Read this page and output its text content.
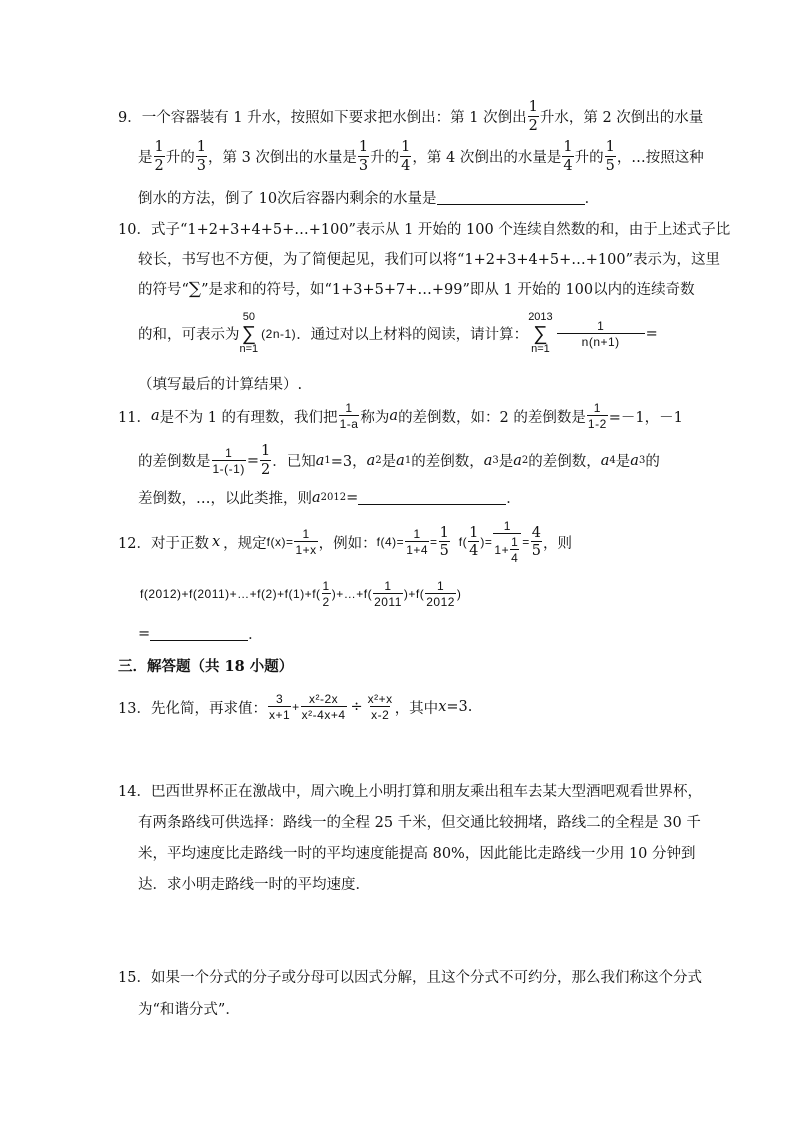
9．一个容器装有 1 升水，按照如下要求把水倒出：第 1 次倒出
1
2 升水，第 2 次倒出的水量
是
1
2 升的
1
3 ，第 3 次倒出的水量是
1
3 升的
1
4 ，第 4 次倒出的水量是
1
4 升的
1
5 ，…按照这种
倒水的方法，倒了 10次后容器内剩余的水量是	．
10．式子“1+2+3+4+5+…+100”表示从 1 开始的 100 个连续自然数的和，由于上述式子比
较长，书写也不方便，为了简便起见，我们可以将“1+2+3+4+5+…+100”表示为，这里
的符号“ ∑ ”是求和的符号，如“1+3+5+7+…+99”即从 1 开始的 100以内的连续奇数
的和，可表示为
50
∑
n=1
(2n-1) ．通过对以上材料的阅读，请计算：
2013
∑
n=1
$\frac{1}{n(n+1)}$ =
（填写最后的计算结果）.
11． a 是不为 1 的有理数，我们把
1
1-a 称为 a 的差倒数，如：2 的差倒数是 $\frac{1}{1-2} =-1$，－1
的差倒数是 $\frac{1}{1-(-1)} = \frac{1}{2}$ ．已知 a 1 =3， a 2 是 a 1 的差倒数， a 3 是 a 2 的差倒数， a 4 是 a 3 的
差倒数，…，以此类推，则 a 2012 =	．
12．对于正数 x ，规定 $f(x)= \frac{1}{1+x}$ ，例如： $f(4)= \frac{1}{1+4} = \frac{1}{5} f$(
1
4
)= $\frac{1}{1+ \frac{1}{4}} = \frac{4}{5}$ ，则
f(2012)+f(2011)+…+f(2)+f(1)+f(
1
2
)+…+f(
1
2011
)+f(
1
2012
)
=	．
三．解答题（共 18 小题）
13．先化简，再求值：
3
x+1
+ $\frac{\text{x²-2x}}{\text{x²-4x+4}} \div \frac{\text{x²+x}}{x-2}$ ，其中 x =3.
14．巴西世界杯正在激战中，周六晚上小明打算和朋友乘出租车去某大型酒吧观看世界杯，
有两条路线可供选择：路线一的全程 25 千米，但交通比较拥堵，路线二的全程是 30 千
米，平均速度比走路线一时的平均速度能提高 80%，因此能比走路线一少用 10 分钟到
达．求小明走路线一时的平均速度．
15．如果一个分式的分子或分母可以因式分解，且这个分式不可约分，那么我们称这个分式
为“和谐分式”．
